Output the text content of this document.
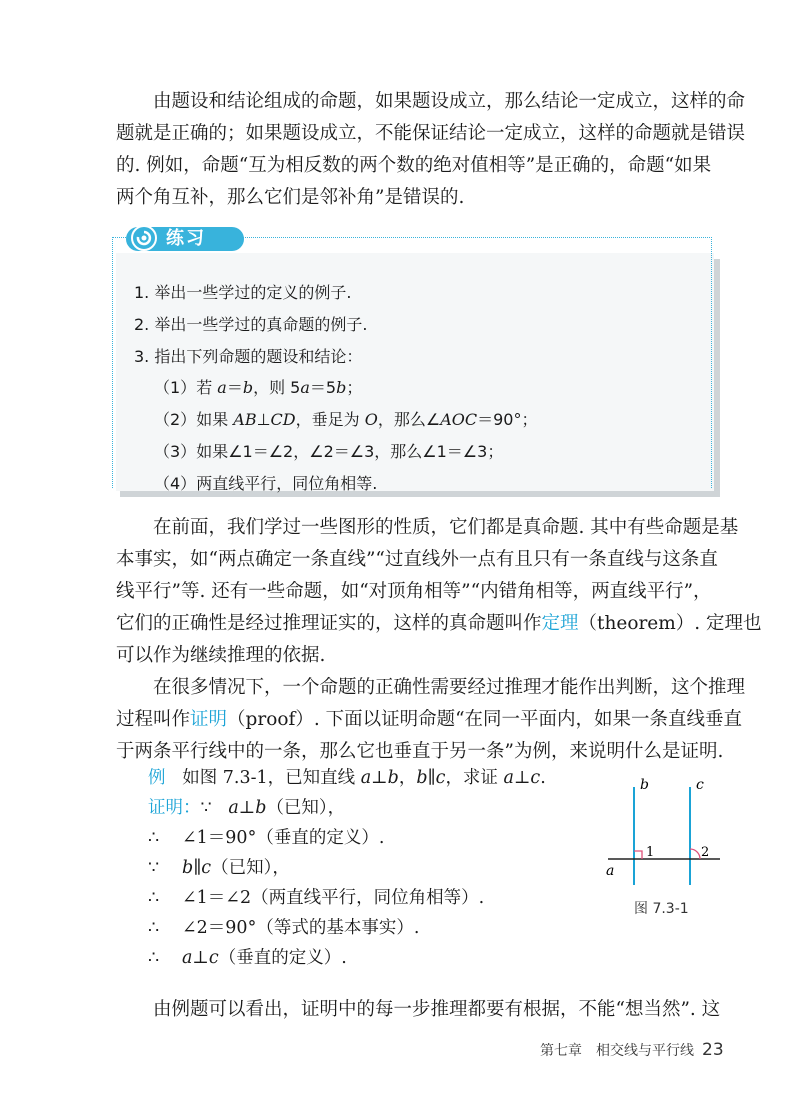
由题设和结论组成的命题，如果题设成立，那么结论一定成立，这样的命
题就是正确的；如果题设成立，不能保证结论一定成立，这样的命题就是错误
的. 例如，命题“互为相反数的两个数的绝对值相等”是正确的，命题“如果
两个角互补，那么它们是邻补角”是错误的.
1. 举出一些学过的定义的例子.
2. 举出一些学过的真命题的例子.
3. 指出下列命题的题设和结论：
（1）若 a＝b，则 5a＝5b；
（2）如果 AB⊥CD，垂足为 O，那么∠AOC＝90°；
（3）如果∠1＝∠2，∠2＝∠3，那么∠1＝∠3；
（4）两直线平行，同位角相等.
练习
在前面，我们学过一些图形的性质，它们都是真命题. 其中有些命题是基
本事实，如“两点确定一条直线”“过直线外一点有且只有一条直线与这条直
线平行”等. 还有一些命题，如“对顶角相等”“内错角相等，两直线平行”，
它们的正确性是经过推理证实的，这样的真命题叫作定理（theorem）. 定理也
可以作为继续推理的依据.
在很多情况下，一个命题的正确性需要经过推理才能作出判断，这个推理
过程叫作证明（proof）. 下面以证明命题“在同一平面内，如果一条直线垂直
于两条平行线中的一条，那么它也垂直于另一条”为例，来说明什么是证明.
例 如图 7.3-1，已知直线 a⊥b，b∥c，求证 a⊥c.
证明：∵ a⊥b（已知），
∴ ∠1＝90°（垂直的定义）.
∵ b∥c（已知），
∴ ∠1＝∠2（两直线平行，同位角相等）.
∴ ∠2＝90°（等式的基本事实）.
∴ a⊥c（垂直的定义）.
b	c
a
1	2
图 7.3-1
由例题可以看出，证明中的每一步推理都要有根据，不能“想当然”. 这
第七章　相交线与平行线 23
